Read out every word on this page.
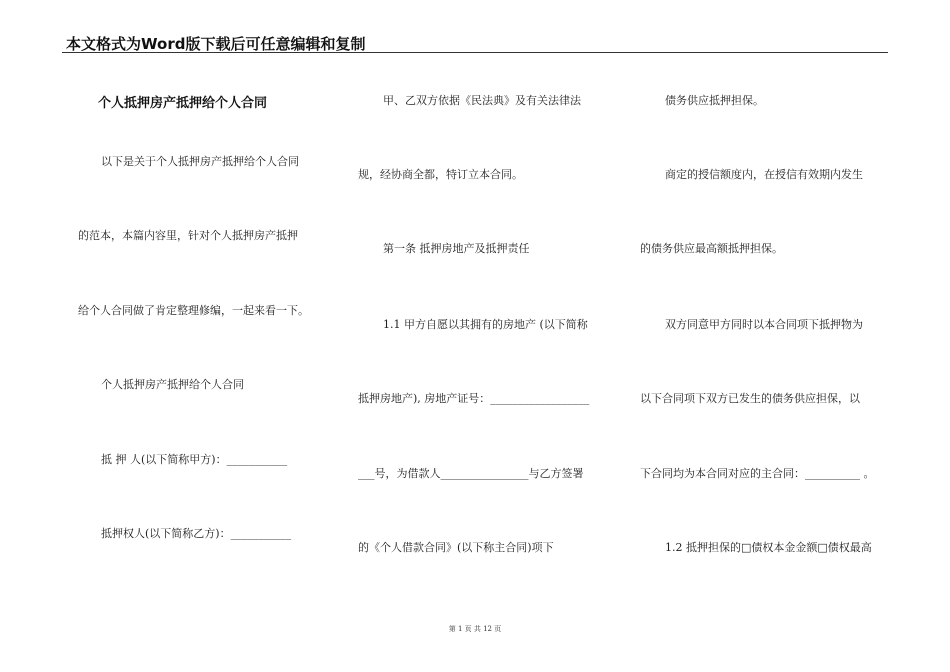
本文格式为Word版下载后可任意编辑和复制
个人抵押房产抵押给个人合同
以下是关于个人抵押房产抵押给个人合同
的范本，本篇内容里，针对个人抵押房产抵押
给个人合同做了肯定整理修编，一起来看一下。
个人抵押房产抵押给个人合同
抵 押 人(以下简称甲方)：___________
抵押权人(以下简称乙方)：___________
甲、乙双方依据《民法典》及有关法律法
规，经协商全都，特订立本合同。
第一条 抵押房地产及抵押责任
1.1 甲方自愿以其拥有的房地产 (以下简称
抵押房地产), 房地产证号：__________________
___号，为借款人________________与乙方签署
的《个人借款合同》(以下称主合同)项下
债务供应抵押担保。
商定的授信额度内，在授信有效期内发生
的债务供应最高额抵押担保。
双方同意甲方同时以本合同项下抵押物为
以下合同项下双方已发生的债务供应担保，以
下合同均为本合同对应的主合同：__________ 。
1.2 抵押担保的□债权本金金额□债权最高
第 1 页 共 12 页
